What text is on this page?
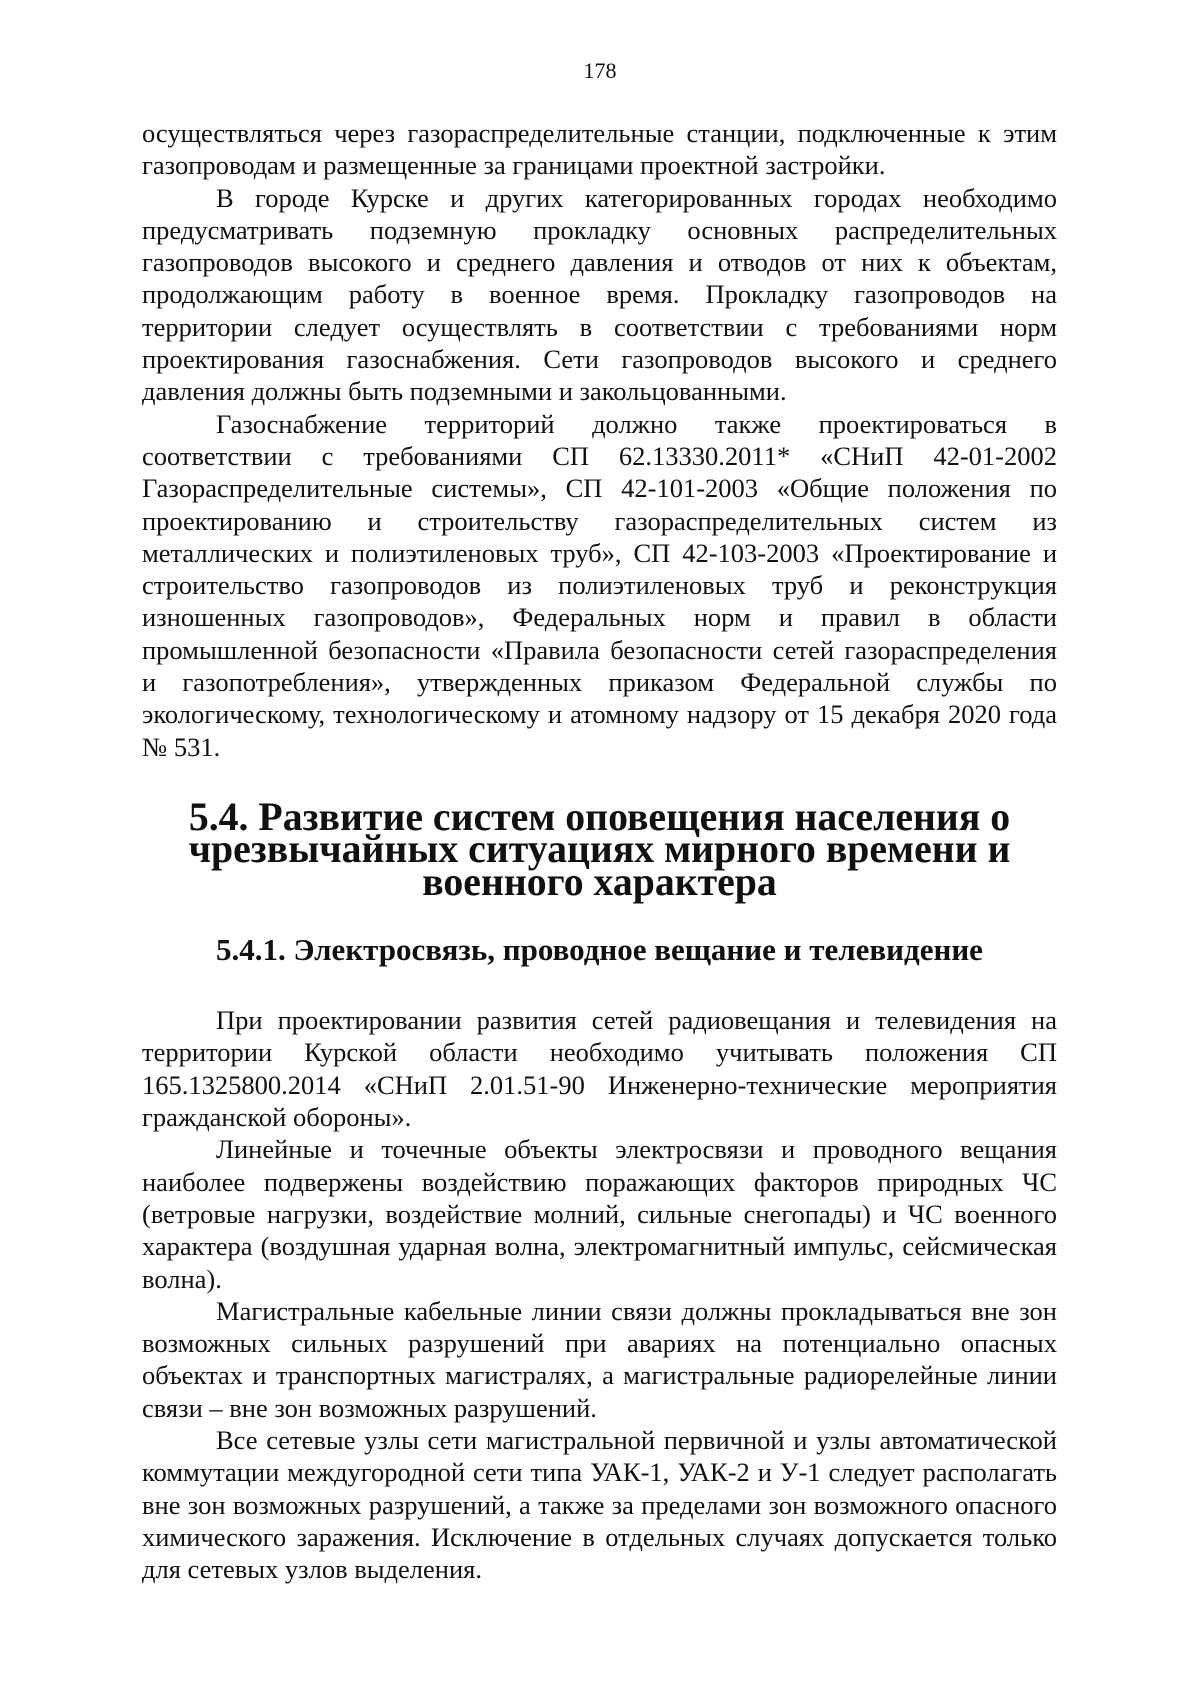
178

осуществляться через газораспределительные станции, подключенные к этим газопроводам и размещенные за границами проектной застройки.

В городе Курске и других категорированных городах необходимо предусматривать подземную прокладку основных распределительных газопроводов высокого и среднего давления и отводов от них к объектам, продолжающим работу в военное время. Прокладку газопроводов на территории следует осуществлять в соответствии с требованиями норм проектирования газоснабжения. Сети газопроводов высокого и среднего давления должны быть подземными и закольцованными.

Газоснабжение территорий должно также проектироваться в соответствии с требованиями СП 62.13330.2011* «СНиП 42-01-2002 Газораспределительные системы», СП 42-101-2003 «Общие положения по проектированию и строительству газораспределительных систем из металлических и полиэтиленовых труб», СП 42-103-2003 «Проектирование и строительство газопроводов из полиэтиленовых труб и реконструкция изношенных газопроводов», Федеральных норм и правил в области промышленной безопасности «Правила безопасности сетей газораспределения и газопотребления», утвержденных приказом Федеральной службы по экологическому, технологическому и атомному надзору от 15 декабря 2020 года № 531.

5.4. Развитие систем оповещения населения о чрезвычайных ситуациях мирного времени и военного характера
5.4.1. Электросвязь, проводное вещание и телевидение

При проектировании развития сетей радиовещания и телевидения на территории Курской области необходимо учитывать положения СП 165.1325800.2014 «СНиП 2.01.51-90 Инженерно-технические мероприятия гражданской обороны».

Линейные и точечные объекты электросвязи и проводного вещания наиболее подвержены воздействию поражающих факторов природных ЧС (ветровые нагрузки, воздействие молний, сильные снегопады) и ЧС военного характера (воздушная ударная волна, электромагнитный импульс, сейсмическая волна).

Магистральные кабельные линии связи должны прокладываться вне зон возможных сильных разрушений при авариях на потенциально опасных объектах и транспортных магистралях, а магистральные радиорелейные линии связи – вне зон возможных разрушений.

Все сетевые узлы сети магистральной первичной и узлы автоматической коммутации междугородной сети типа УАК-1, УАК-2 и У-1 следует располагать вне зон возможных разрушений, а также за пределами зон возможного опасного химического заражения. Исключение в отдельных случаях допускается только для сетевых узлов выделения.
